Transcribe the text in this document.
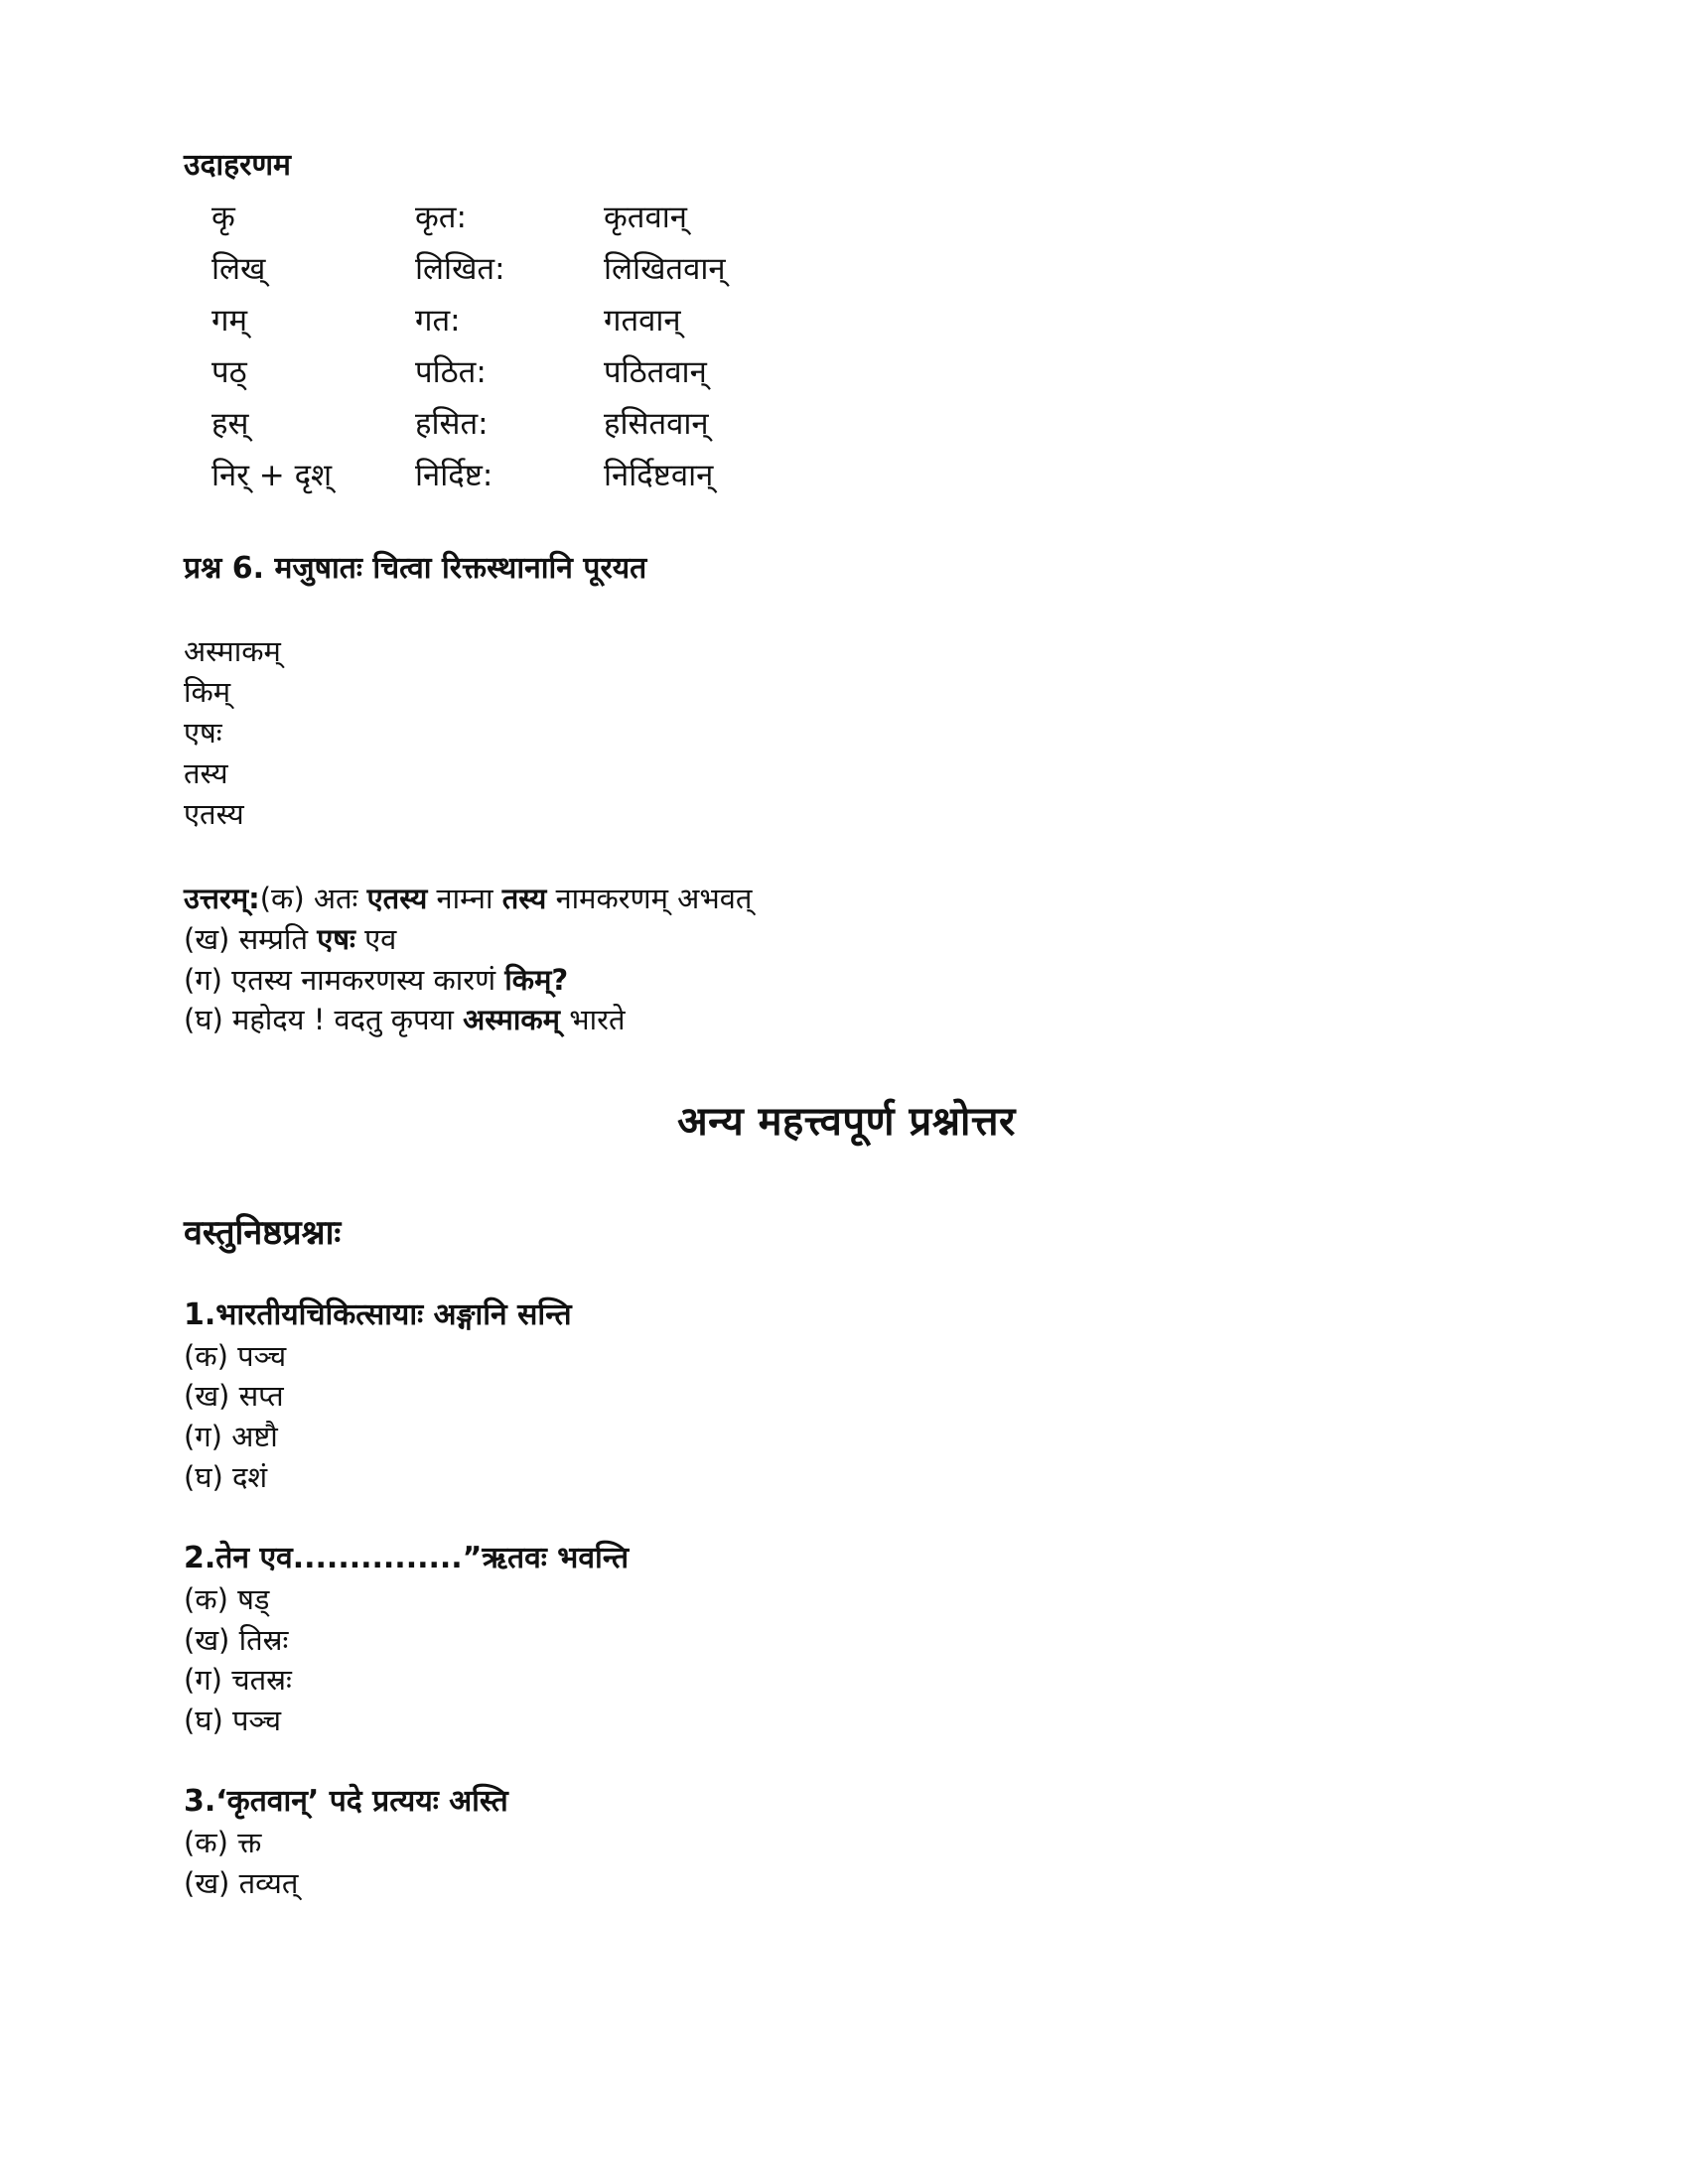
उदाहरणम
कृ	कृत:	कृतवान्
लिख्	लिखित:	लिखितवान्
गम्	गत:	गतवान्
पठ्	पठित:	पठितवान्
हस्	हसित:	हसितवान्
निर् + दृश्	निर्दिष्ट:	निर्दिष्टवान्
प्रश्न 6. मजुषातः चित्वा रिक्तस्थानानि पूरयत
अस्माकम्
किम्
एषः
तस्य
एतस्य

उत्तरम्:(क) अतः एतस्य नाम्ना तस्य नामकरणम् अभवत्

(ख) सम्प्रति एषः एव

(ग) एतस्य नामकरणस्य कारणं किम्?

(घ) महोदय ! वदतु कृपया अस्माकम् भारते

अन्य महत्त्वपूर्ण प्रश्नोत्तर
वस्तुनिष्ठप्रश्नाः

1.भारतीयचिकित्सायाः अङ्गानि सन्ति

(क) पञ्च
(ख) सप्त
(ग) अष्टौ
(घ) दशं

2.तेन एव...............”ऋतवः भवन्ति

(क) षड्
(ख) तिस्रः
(ग) चतस्रः
(घ) पञ्च

3.‘कृतवान्’ पदे प्रत्ययः अस्ति

(क) क्त
(ख) तव्यत्
